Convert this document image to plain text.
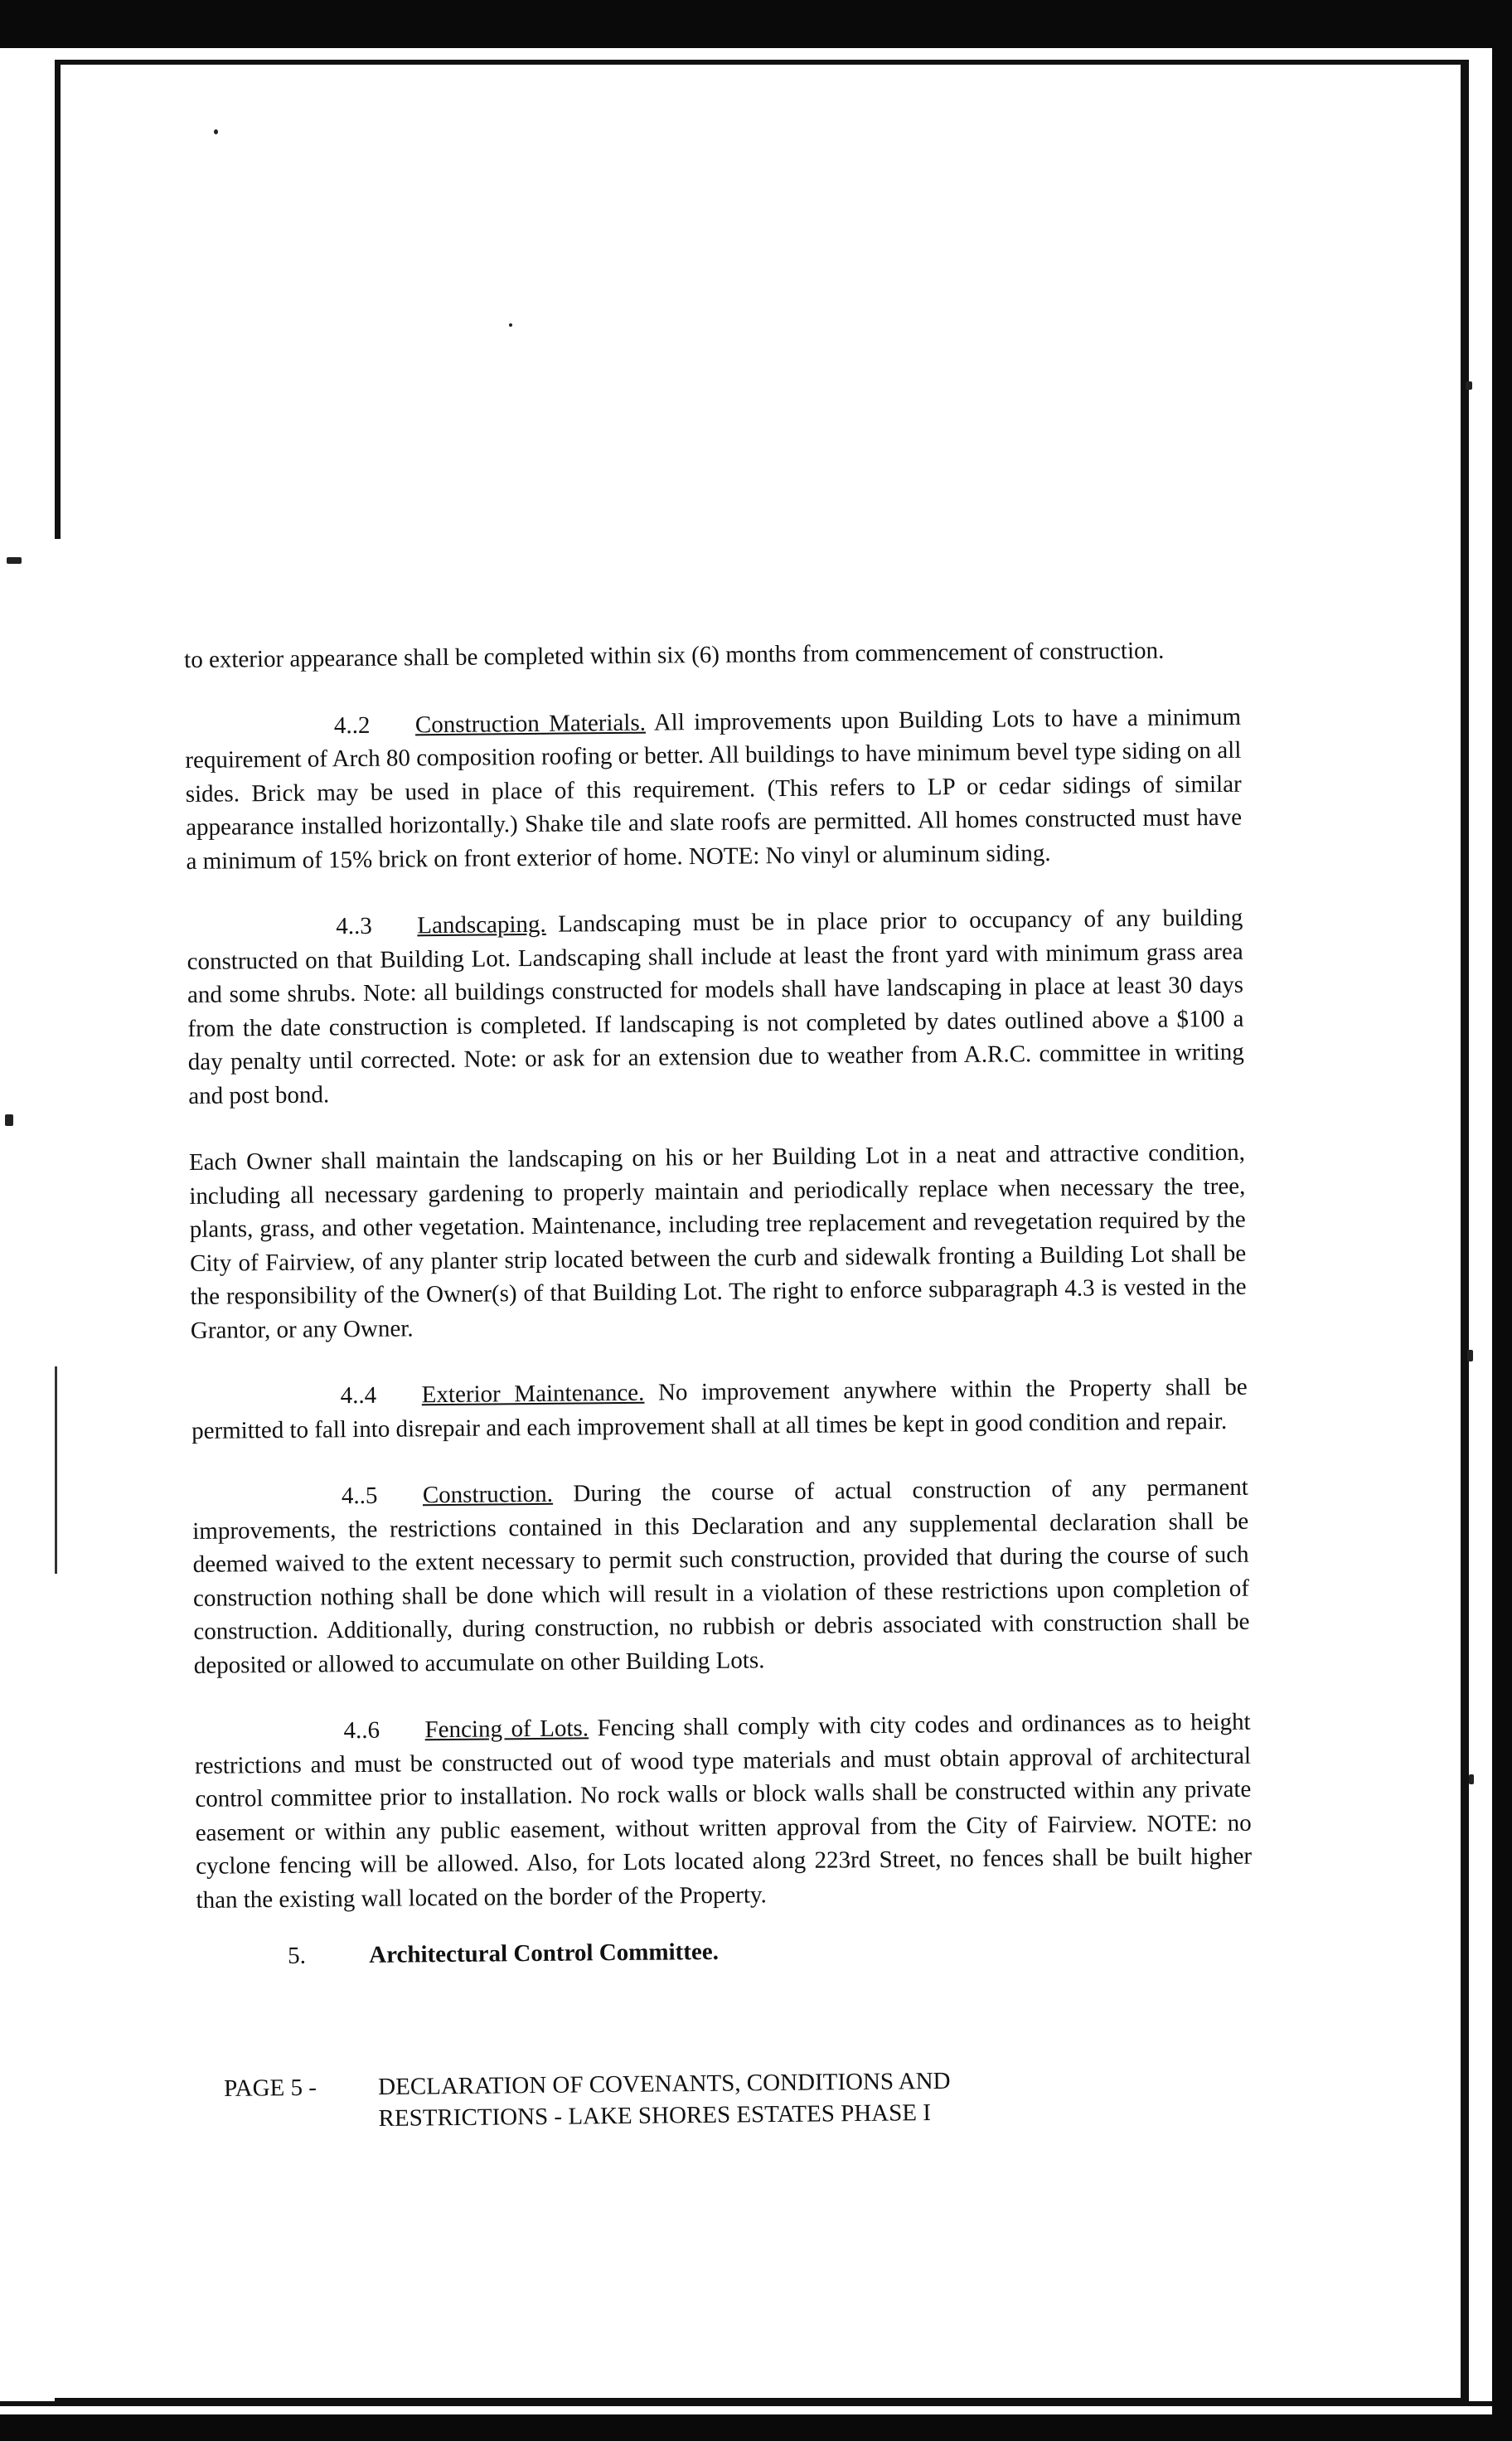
to exterior appearance shall be completed within six (6) months from commencement of construction.

4..2 Construction Materials. All improvements upon Building Lots to have a minimum requirement of Arch 80 composition roofing or better. All buildings to have minimum bevel type siding on all sides. Brick may be used in place of this requirement. (This refers to LP or cedar sidings of similar appearance installed horizontally.) Shake tile and slate roofs are permitted. All homes constructed must have a minimum of 15% brick on front exterior of home. NOTE: No vinyl or aluminum siding.

4..3 Landscaping. Landscaping must be in place prior to occupancy of any building constructed on that Building Lot. Landscaping shall include at least the front yard with minimum grass area and some shrubs. Note: all buildings constructed for models shall have landscaping in place at least 30 days from the date construction is completed. If landscaping is not completed by dates outlined above a $100 a day penalty until corrected. Note: or ask for an extension due to weather from A.R.C. committee in writing and post bond.

Each Owner shall maintain the landscaping on his or her Building Lot in a neat and attractive condition, including all necessary gardening to properly maintain and periodically replace when necessary the tree, plants, grass, and other vegetation. Maintenance, including tree replacement and revegetation required by the City of Fairview, of any planter strip located between the curb and sidewalk fronting a Building Lot shall be the responsibility of the Owner(s) of that Building Lot. The right to enforce subparagraph 4.3 is vested in the Grantor, or any Owner.

4..4 Exterior Maintenance. No improvement anywhere within the Property shall be permitted to fall into disrepair and each improvement shall at all times be kept in good condition and repair.

4..5 Construction. During the course of actual construction of any permanent improvements, the restrictions contained in this Declaration and any supplemental declaration shall be deemed waived to the extent necessary to permit such construction, provided that during the course of such construction nothing shall be done which will result in a violation of these restrictions upon completion of construction. Additionally, during construction, no rubbish or debris associated with construction shall be deposited or allowed to accumulate on other Building Lots.

4..6 Fencing of Lots. Fencing shall comply with city codes and ordinances as to height restrictions and must be constructed out of wood type materials and must obtain approval of architectural control committee prior to installation. No rock walls or block walls shall be constructed within any private easement or within any public easement, without written approval from the City of Fairview. NOTE: no cyclone fencing will be allowed. Also, for Lots located along 223rd Street, no fences shall be built higher than the existing wall located on the border of the Property.

5.	Architectural Control Committee.
PAGE 5 -	DECLARATION OF COVENANTS, CONDITIONS AND
RESTRICTIONS - LAKE SHORES ESTATES PHASE I
